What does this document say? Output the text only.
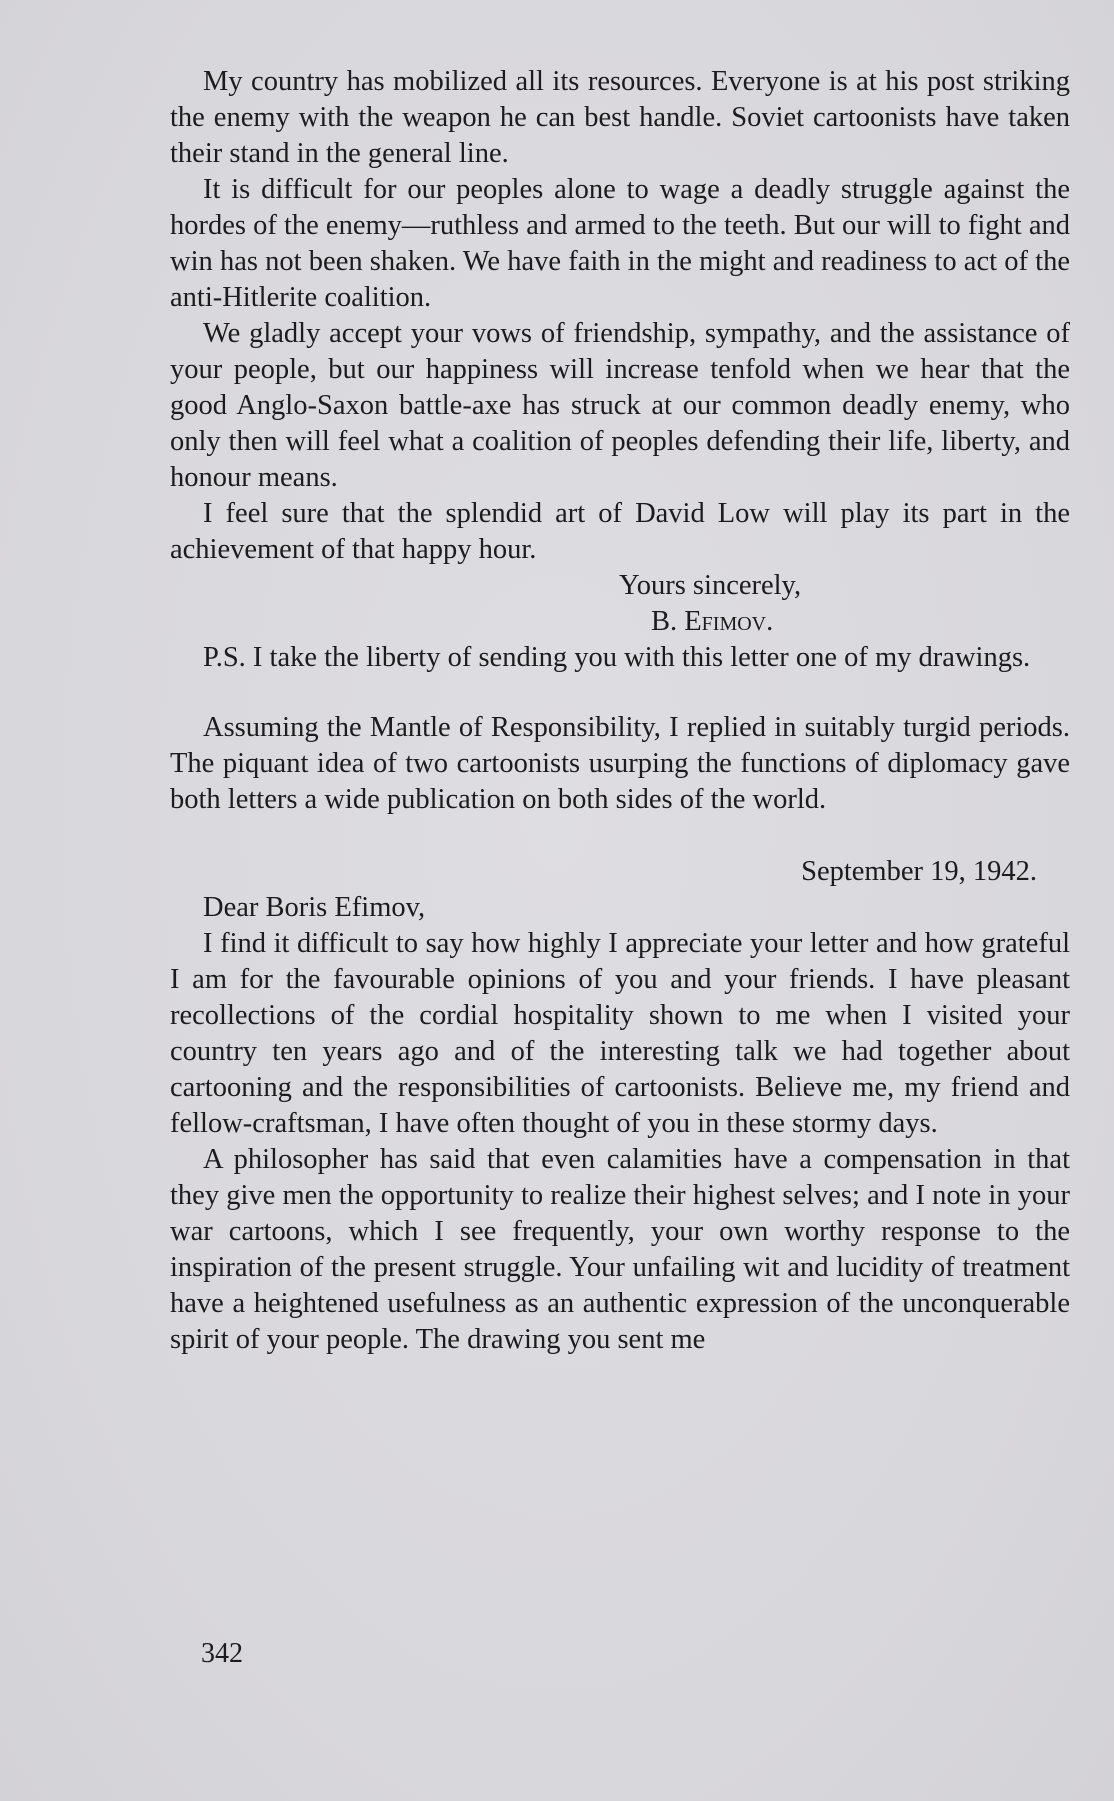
My country has mobilized all its resources. Everyone is at his post striking the enemy with the weapon he can best handle. Soviet cartoonists have taken their stand in the general line.

It is difficult for our peoples alone to wage a deadly struggle against the hordes of the enemy—ruthless and armed to the teeth. But our will to fight and win has not been shaken. We have faith in the might and readiness to act of the anti-Hitlerite coalition.

We gladly accept your vows of friendship, sympathy, and the assistance of your people, but our happiness will increase tenfold when we hear that the good Anglo-Saxon battle-axe has struck at our common deadly enemy, who only then will feel what a coalition of peoples defending their life, liberty, and honour means.

I feel sure that the splendid art of David Low will play its part in the achievement of that happy hour.

Yours sincerely,

B. Efimov.

P.S. I take the liberty of sending you with this letter one of my drawings.

Assuming the Mantle of Responsibility, I replied in suitably turgid periods. The piquant idea of two cartoonists usurping the functions of diplomacy gave both letters a wide publication on both sides of the world.

September 19, 1942.

Dear Boris Efimov,

I find it difficult to say how highly I appreciate your letter and how grateful I am for the favourable opinions of you and your friends. I have pleasant recollections of the cordial hospitality shown to me when I visited your country ten years ago and of the interesting talk we had together about cartooning and the responsibilities of cartoonists. Believe me, my friend and fellow-craftsman, I have often thought of you in these stormy days.

A philosopher has said that even calamities have a compensation in that they give men the opportunity to realize their highest selves; and I note in your war cartoons, which I see frequently, your own worthy response to the inspiration of the present struggle. Your unfailing wit and lucidity of treatment have a heightened usefulness as an authentic expression of the unconquerable spirit of your people. The drawing you sent me

342
